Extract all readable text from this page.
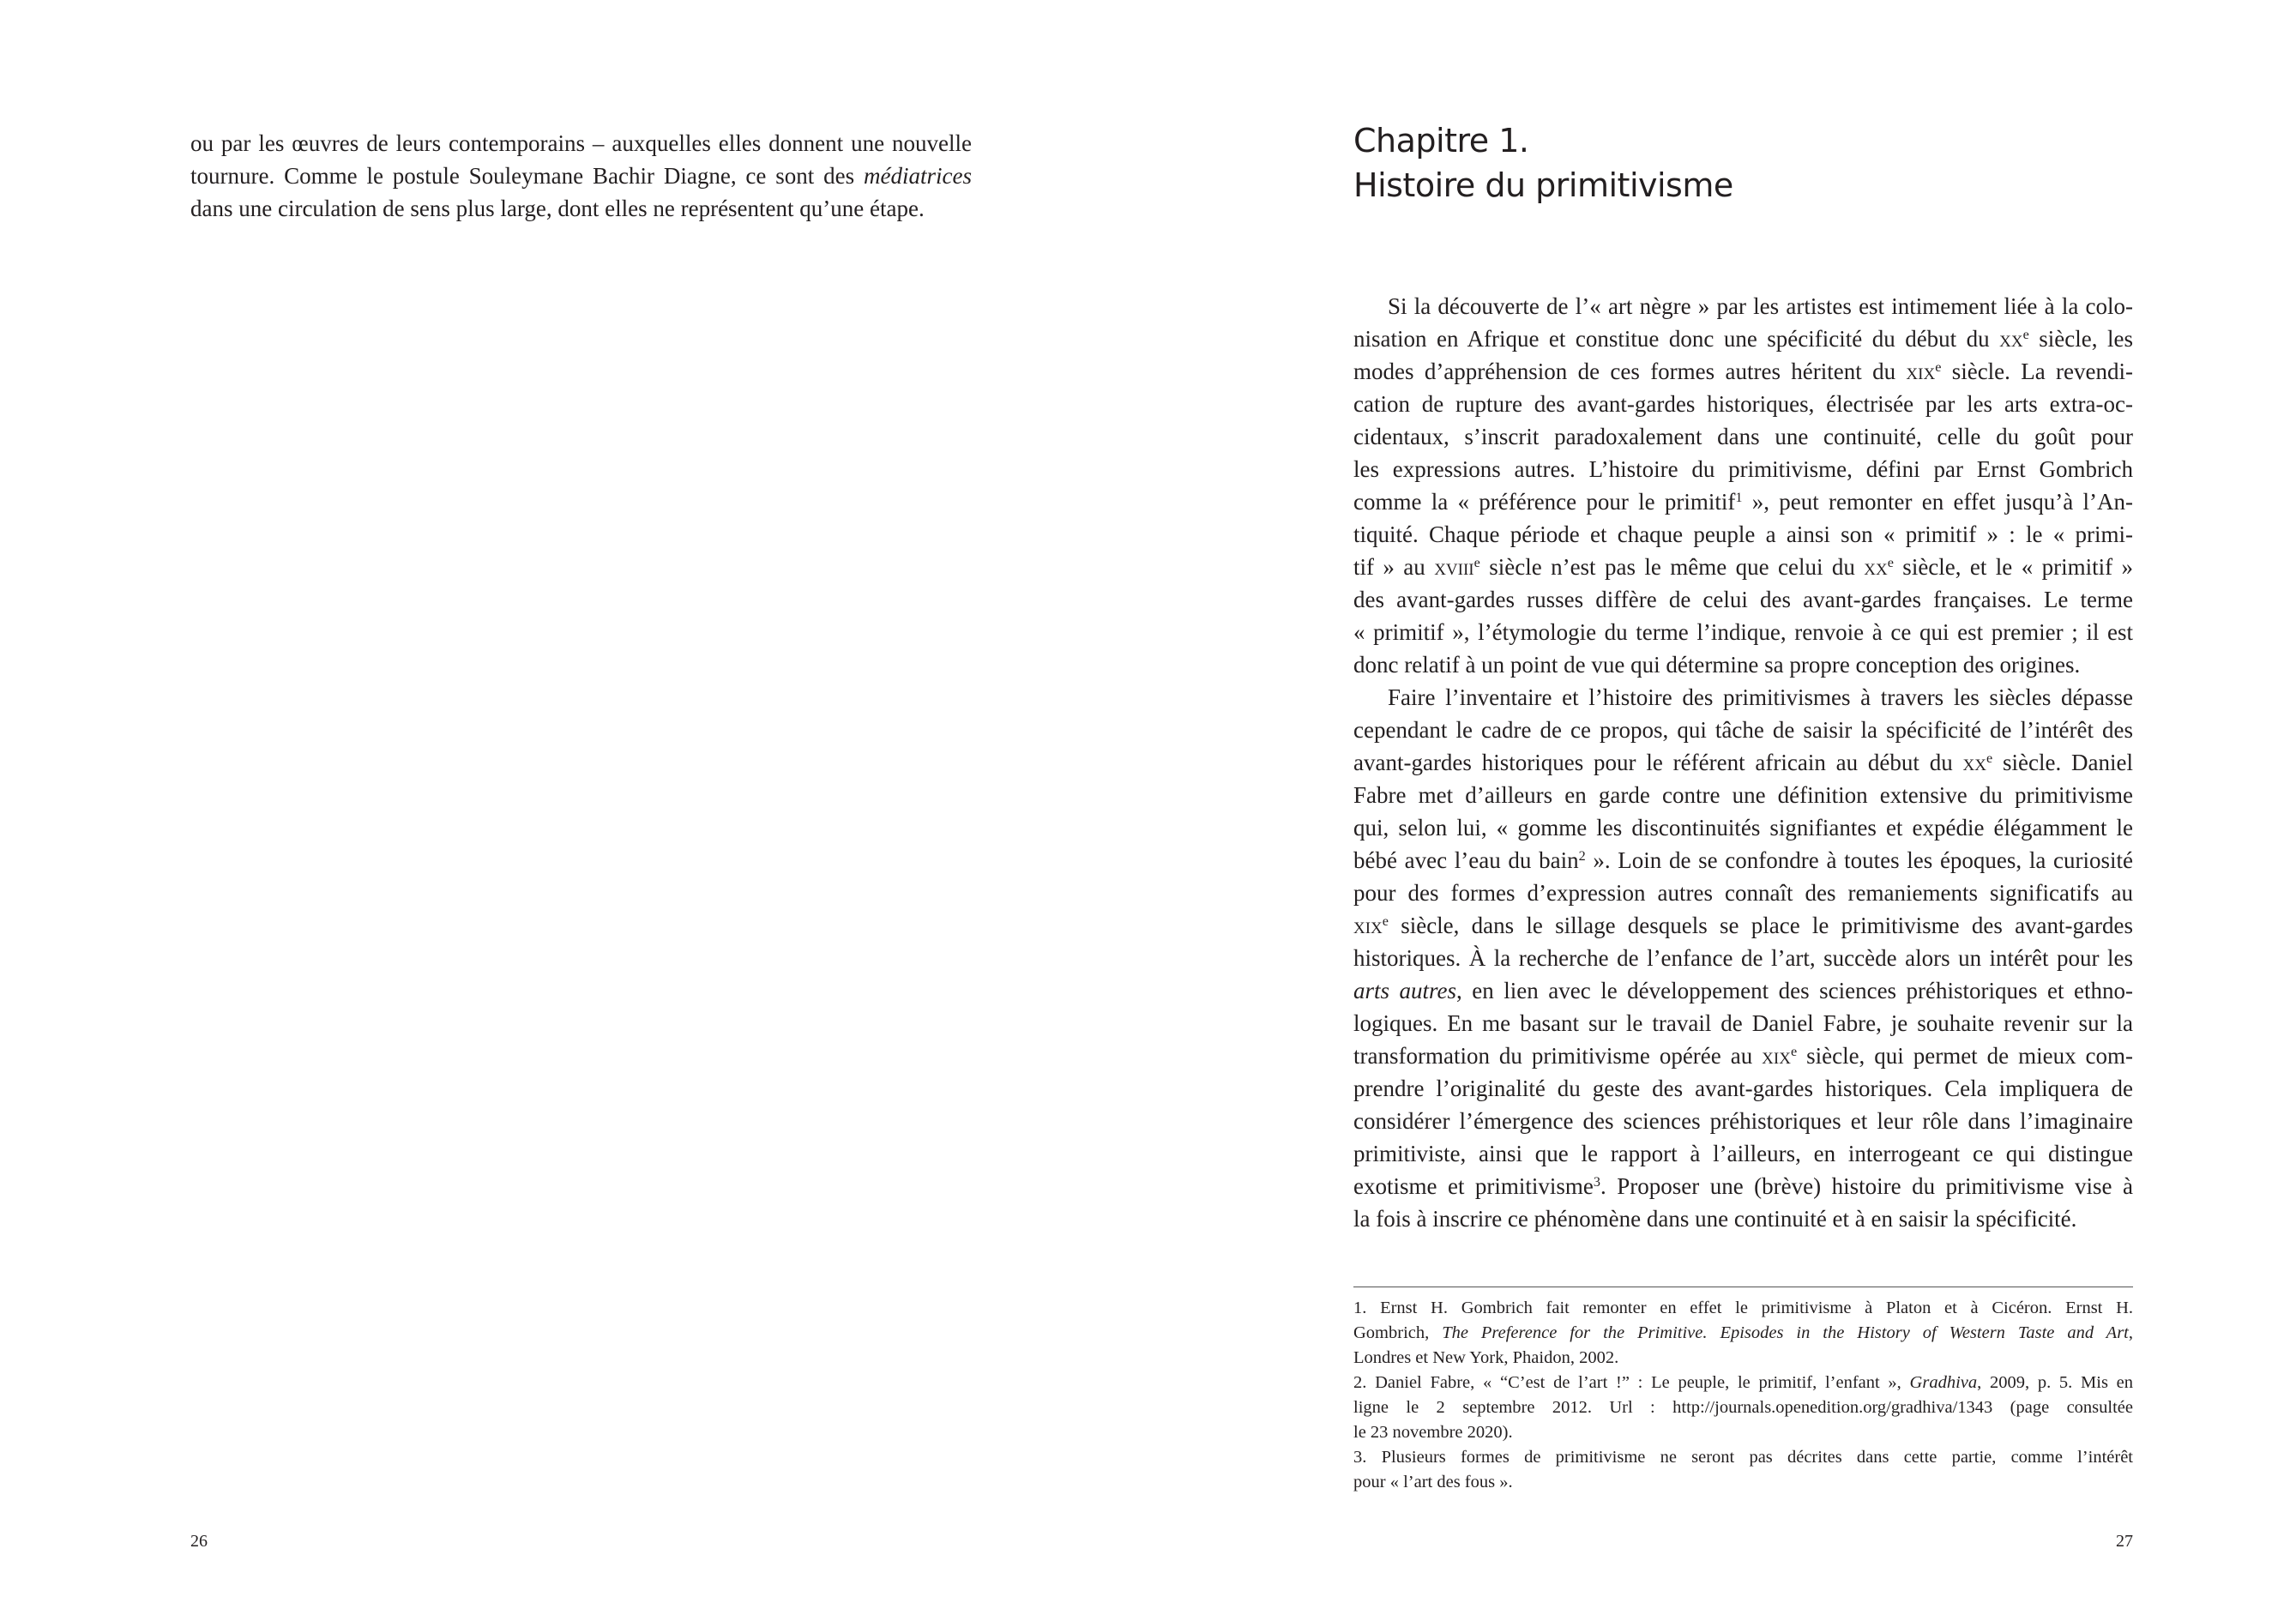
ou par les œuvres de leurs contemporains – auxquelles elles donnent une nouvelle
tournure. Comme le postule Souleymane Bachir Diagne, ce sont des médiatrices
dans une circulation de sens plus large, dont elles ne représentent qu’une étape.
Chapitre 1.
Histoire du primitivisme
Si la découverte de l’« art nègre » par les artistes est intimement liée à la colo-
nisation en Afrique et constitue donc une spécificité du début du $xx^e$ siècle, les
modes d’appréhension de ces formes autres héritent du xix$^e$ siècle. La revendi-
cation de rupture des avant-gardes historiques, électrisée par les arts extra-oc-
cidentaux, s’inscrit paradoxalement dans une continuité, celle du goût pour
les expressions autres. L’histoire du primitivisme, défini par Ernst Gombrich
comme la « préférence pour le primitif$^1$ », peut remonter en effet jusqu’à l’An-
tiquité. Chaque période et chaque peuple a ainsi son « primitif » : le « primi-
tif » au xviii$^e$ siècle n’est pas le même que celui du $xx^e$ siècle, et le « primitif »
des avant-gardes russes diffère de celui des avant-gardes françaises. Le terme
« primitif », l’étymologie du terme l’indique, renvoie à ce qui est premier ; il est
donc relatif à un point de vue qui détermine sa propre conception des origines.
Faire l’inventaire et l’histoire des primitivismes à travers les siècles dépasse
cependant le cadre de ce propos, qui tâche de saisir la spécificité de l’intérêt des
avant-gardes historiques pour le référent africain au début du $xx^e$ siècle. Daniel
Fabre met d’ailleurs en garde contre une définition extensive du primitivisme
qui, selon lui, « gomme les discontinuités signifiantes et expédie élégamment le
bébé avec l’eau du bain$^2$ ». Loin de se confondre à toutes les époques, la curiosité
pour des formes d’expression autres connaît des remaniements significatifs au
xix$^e$ siècle, dans le sillage desquels se place le primitivisme des avant-gardes
historiques. À la recherche de l’enfance de l’art, succède alors un intérêt pour les
arts autres, en lien avec le développement des sciences préhistoriques et ethno-
logiques. En me basant sur le travail de Daniel Fabre, je souhaite revenir sur la
transformation du primitivisme opérée au xix$^e$ siècle, qui permet de mieux com-
prendre l’originalité du geste des avant-gardes historiques. Cela impliquera de
considérer l’émergence des sciences préhistoriques et leur rôle dans l’imaginaire
primitiviste, ainsi que le rapport à l’ailleurs, en interrogeant ce qui distingue
exotisme et primitivisme$^3$. Proposer une (brève) histoire du primitivisme vise à
la fois à inscrire ce phénomène dans une continuité et à en saisir la spécificité.
1. Ernst H. Gombrich fait remonter en effet le primitivisme à Platon et à Cicéron. Ernst H.
Gombrich, The Preference for the Primitive. Episodes in the History of Western Taste and Art,
Londres et New York, Phaidon, 2002.
2. Daniel Fabre, « “C’est de l’art !” : Le peuple, le primitif, l’enfant », Gradhiva, 2009, p. 5. Mis en
ligne le 2 septembre 2012. Url : http://journals.openedition.org/gradhiva/1343 (page consultée
le 23 novembre 2020).
3. Plusieurs formes de primitivisme ne seront pas décrites dans cette partie, comme l’intérêt
pour « l’art des fous ».
26	27
